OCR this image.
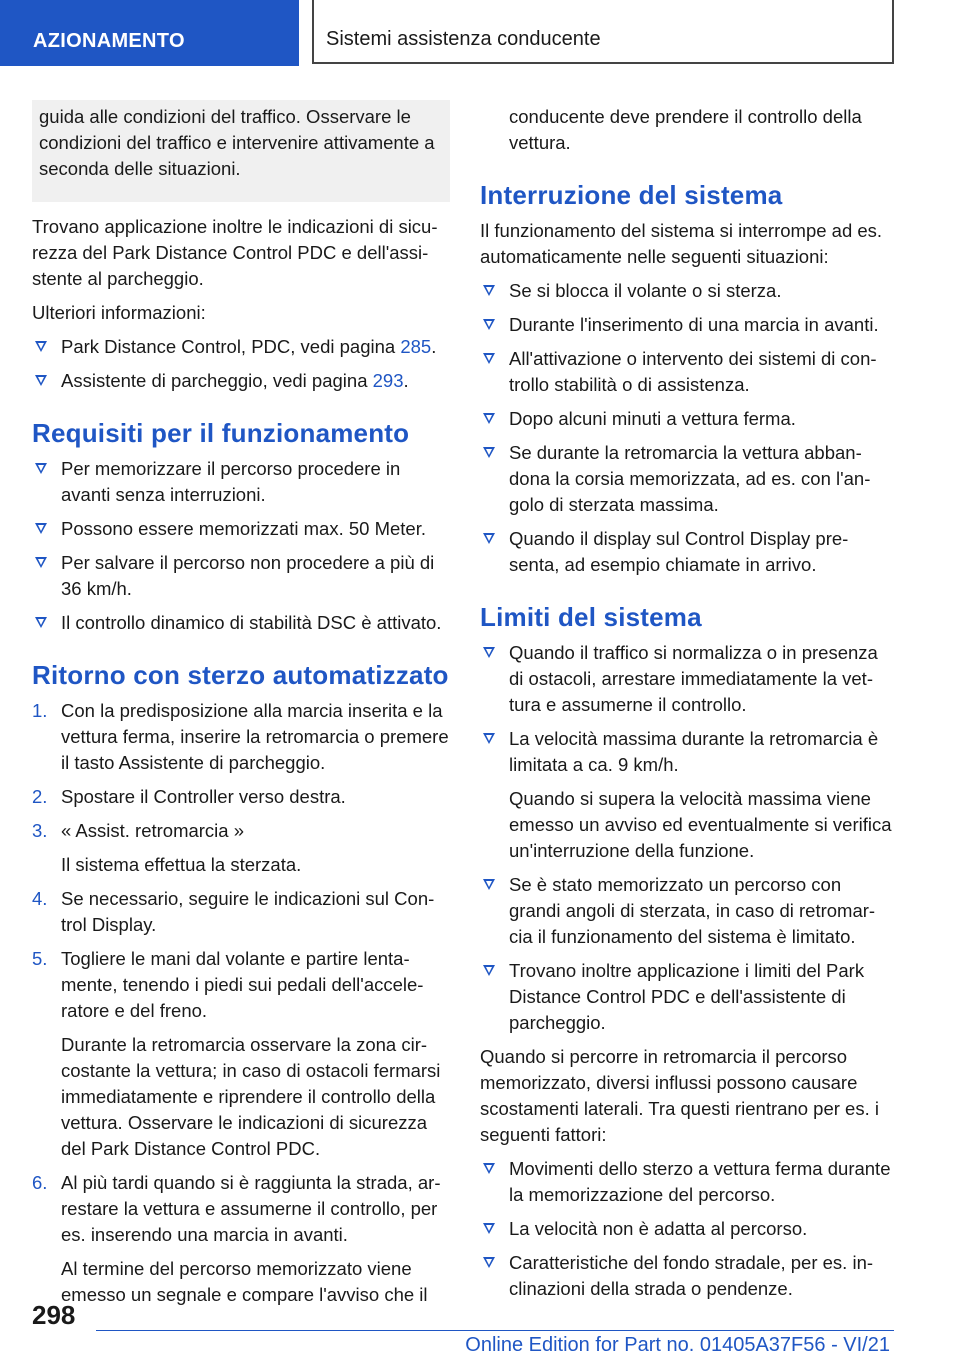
AZIONAMENTO	Sistemi assistenza conducente
guida alle condizioni del traffico. Osservare le condizioni del traffico e intervenire attivamente a seconda delle situazioni.

Trovano applicazione inoltre le indicazioni di sicurezza del Park Distance Control PDC e dell'assistente al parcheggio.

Ulteriori informazioni:

Park Distance Control, PDC, vedi pagina 285.
Assistente di parcheggio, vedi pagina 293.
Requisiti per il funzionamento
Per memorizzare il percorso procedere in avanti senza interruzioni.
Possono essere memorizzati max. 50 Meter.
Per salvare il percorso non procedere a più di 36 km/h.
Il controllo dinamico di stabilità DSC è attivato.
Ritorno con sterzo automatizzato
1. Con la predisposizione alla marcia inserita e la vettura ferma, inserire la retromarcia o premere il tasto Assistente di parcheggio.
2. Spostare il Controller verso destra.
3. « Assist. retromarcia »
Il sistema effettua la sterzata.
4. Se necessario, seguire le indicazioni sul Control Display.
5. Togliere le mani dal volante e partire lentamente, tenendo i piedi sui pedali dell'acceleratore e del freno.
Durante la retromarcia osservare la zona circostante la vettura; in caso di ostacoli fermarsi immediatamente e riprendere il controllo della vettura. Osservare le indicazioni di sicurezza del Park Distance Control PDC.
6. Al più tardi quando si è raggiunta la strada, arrestare la vettura e assumerne il controllo, per es. inserendo una marcia in avanti.
Al termine del percorso memorizzato viene emesso un segnale e compare l'avviso che il

conducente deve prendere il controllo della vettura.

Interruzione del sistema

Il funzionamento del sistema si interrompe ad es. automaticamente nelle seguenti situazioni:

Se si blocca il volante o si sterza.
Durante l'inserimento di una marcia in avanti.
All'attivazione o intervento dei sistemi di controllo stabilità o di assistenza.
Dopo alcuni minuti a vettura ferma.
Se durante la retromarcia la vettura abbandona la corsia memorizzata, ad es. con l'angolo di sterzata massima.
Quando il display sul Control Display presenta, ad esempio chiamate in arrivo.
Limiti del sistema
Quando il traffico si normalizza o in presenza di ostacoli, arrestare immediatamente la vettura e assumerne il controllo.
La velocità massima durante la retromarcia è limitata a ca. 9 km/h.
Quando si supera la velocità massima viene emesso un avviso ed eventualmente si verifica un'interruzione della funzione.
Se è stato memorizzato un percorso con grandi angoli di sterzata, in caso di retromarcia il funzionamento del sistema è limitato.
Trovano inoltre applicazione i limiti del Park Distance Control PDC e dell'assistente di parcheggio.

Quando si percorre in retromarcia il percorso memorizzato, diversi influssi possono causare scostamenti laterali. Tra questi rientrano per es. i seguenti fattori:

Movimenti dello sterzo a vettura ferma durante la memorizzazione del percorso.
La velocità non è adatta al percorso.
Caratteristiche del fondo stradale, per es. inclinazioni della strada o pendenze.
298
Online Edition for Part no. 01405A37F56 - VI/21
